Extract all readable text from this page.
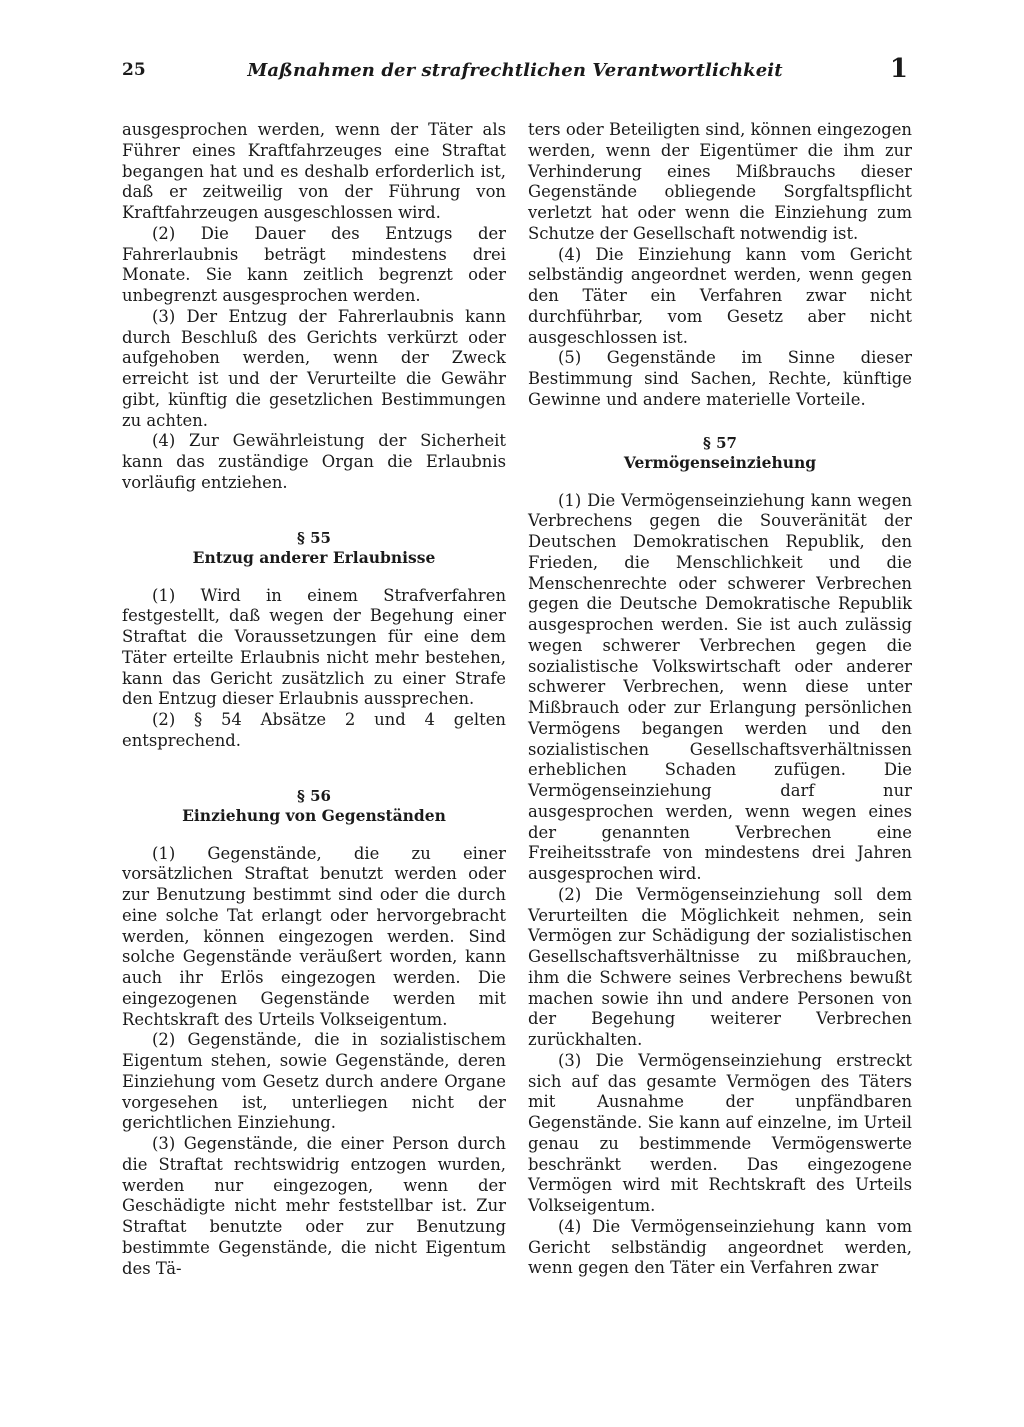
25	Maßnahmen der strafrechtlichen Verantwortlichkeit	1

ausgesprochen werden, wenn der Täter als Führer eines Kraftfahrzeuges eine Straftat begangen hat und es deshalb erforderlich ist, daß er zeitweilig von der Führung von Kraftfahrzeugen ausgeschlossen wird.

(2) Die Dauer des Entzugs der Fahrerlaubnis beträgt mindestens drei Monate. Sie kann zeitlich begrenzt oder unbegrenzt ausgesprochen werden.

(3) Der Entzug der Fahrerlaubnis kann durch Beschluß des Gerichts verkürzt oder aufgehoben werden, wenn der Zweck erreicht ist und der Verurteilte die Gewähr gibt, künftig die gesetzlichen Bestimmungen zu achten.

(4) Zur Gewährleistung der Sicherheit kann das zuständige Organ die Erlaubnis vorläufig entziehen.

§ 55
Entzug anderer Erlaubnisse

(1) Wird in einem Strafverfahren festgestellt, daß wegen der Begehung einer Straftat die Voraussetzungen für eine dem Täter erteilte Erlaubnis nicht mehr bestehen, kann das Gericht zusätzlich zu einer Strafe den Entzug dieser Erlaubnis aussprechen.

(2) § 54 Absätze 2 und 4 gelten entsprechend.

§ 56
Einziehung von Gegenständen

(1) Gegenstände, die zu einer vorsätzlichen Straftat benutzt werden oder zur Benutzung bestimmt sind oder die durch eine solche Tat erlangt oder hervorgebracht werden, können eingezogen werden. Sind solche Gegenstände veräußert worden, kann auch ihr Erlös eingezogen werden. Die eingezogenen Gegenstände werden mit Rechtskraft des Urteils Volkseigentum.

(2) Gegenstände, die in sozialistischem Eigentum stehen, sowie Gegenstände, deren Einziehung vom Gesetz durch andere Organe vorgesehen ist, unterliegen nicht der gerichtlichen Einziehung.

(3) Gegenstände, die einer Person durch die Straftat rechtswidrig entzogen wurden, werden nur eingezogen, wenn der Geschädigte nicht mehr feststellbar ist. Zur Straftat benutzte oder zur Benutzung bestimmte Gegenstände, die nicht Eigentum des Tä-

ters oder Beteiligten sind, können eingezogen werden, wenn der Eigentümer die ihm zur Verhinderung eines Mißbrauchs dieser Gegenstände obliegende Sorgfaltspflicht verletzt hat oder wenn die Einziehung zum Schutze der Gesellschaft notwendig ist.

(4) Die Einziehung kann vom Gericht selbständig angeordnet werden, wenn gegen den Täter ein Verfahren zwar nicht durchführbar, vom Gesetz aber nicht ausgeschlossen ist.

(5) Gegenstände im Sinne dieser Bestimmung sind Sachen, Rechte, künftige Gewinne und andere materielle Vorteile.

§ 57
Vermögenseinziehung

(1) Die Vermögenseinziehung kann wegen Verbrechens gegen die Souveränität der Deutschen Demokratischen Republik, den Frieden, die Menschlichkeit und die Menschenrechte oder schwerer Verbrechen gegen die Deutsche Demokratische Republik ausgesprochen werden. Sie ist auch zulässig wegen schwerer Verbrechen gegen die sozialistische Volkswirtschaft oder anderer schwerer Verbrechen, wenn diese unter Mißbrauch oder zur Erlangung persönlichen Vermögens begangen werden und den sozialistischen Gesellschaftsverhältnissen erheblichen Schaden zufügen. Die Vermögenseinziehung darf nur ausgesprochen werden, wenn wegen eines der genannten Verbrechen eine Freiheitsstrafe von mindestens drei Jahren ausgesprochen wird.

(2) Die Vermögenseinziehung soll dem Verurteilten die Möglichkeit nehmen, sein Vermögen zur Schädigung der sozialistischen Gesellschaftsverhältnisse zu mißbrauchen, ihm die Schwere seines Verbrechens bewußt machen sowie ihn und andere Personen von der Begehung weiterer Verbrechen zurückhalten.

(3) Die Vermögenseinziehung erstreckt sich auf das gesamte Vermögen des Täters mit Ausnahme der unpfändbaren Gegenstände. Sie kann auf einzelne, im Urteil genau zu bestimmende Vermögenswerte beschränkt werden. Das eingezogene Vermögen wird mit Rechtskraft des Urteils Volkseigentum.

(4) Die Vermögenseinziehung kann vom Gericht selbständig angeordnet werden, wenn gegen den Täter ein Verfahren zwar
